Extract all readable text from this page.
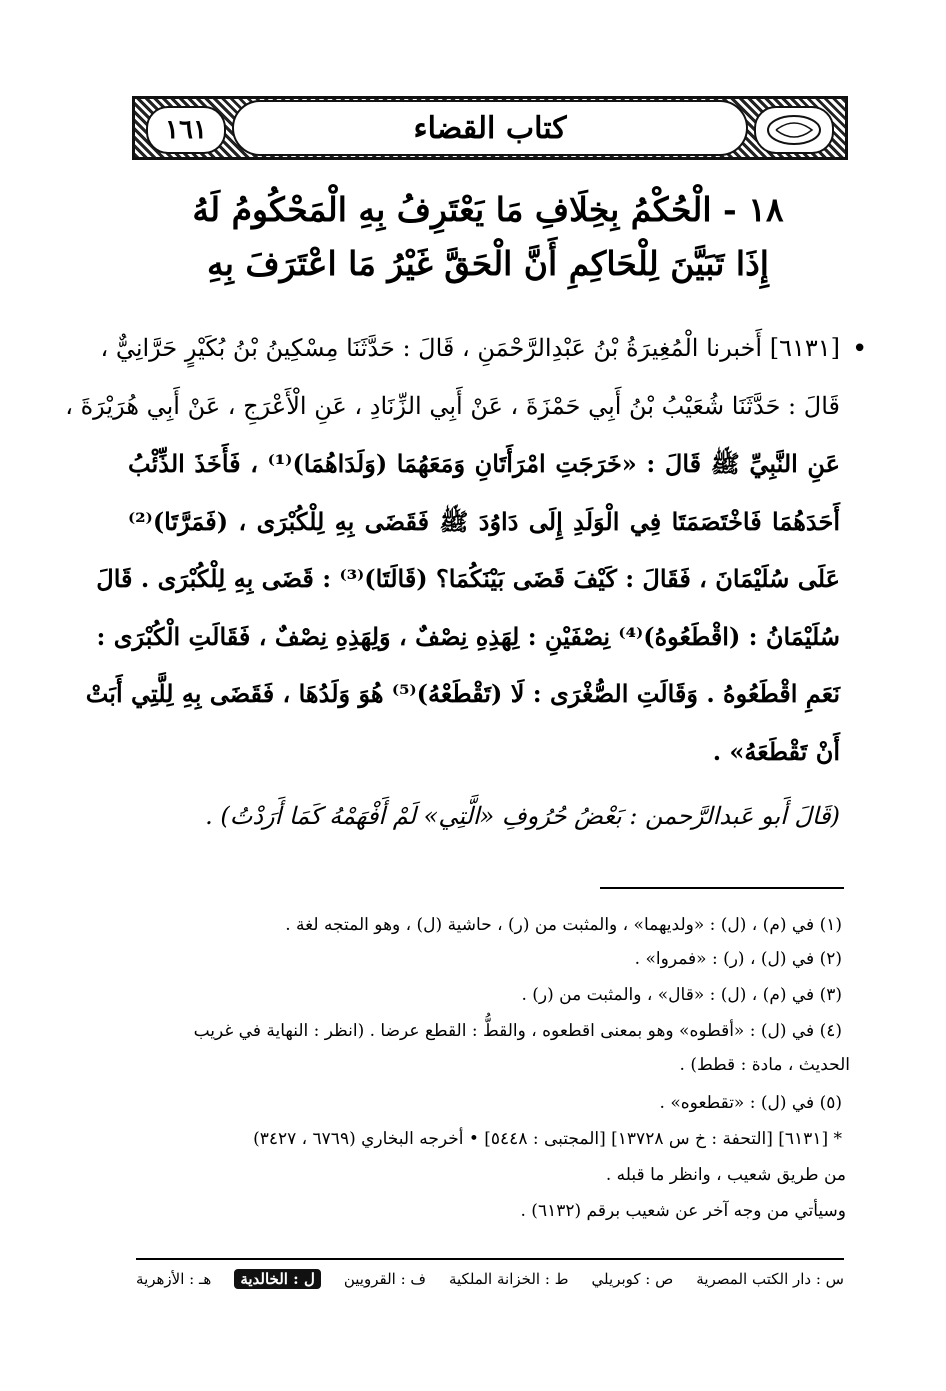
كتاب القضاء
١٦١
١٨ - الْحُكْمُ بِخِلَافِ مَا يَعْتَرِفُ بِهِ الْمَحْكُومُ لَهُ
إِذَا تَبَيَّنَ لِلْحَاكِمِ أَنَّ الْحَقَّ غَيْرُ مَا اعْتَرَفَ بِهِ
•
[٦١٣١] أَخبرنا الْمُغِيرَةُ بْنُ عَبْدِالرَّحْمَنِ ، قَالَ : حَدَّثَنَا مِسْكِينُ بْنُ بُكَيْرٍ حَرَّانِيٌّ ،
قَالَ : حَدَّثَنَا شُعَيْبُ بْنُ أَبِي حَمْزَةَ ، عَنْ أَبِي الزِّنَادِ ، عَنِ الْأَعْرَجِ ، عَنْ أَبِي هُرَيْرَةَ ،
عَنِ النَّبِيِّ ﷺ قَالَ : «خَرَجَتِ امْرَأَتَانِ وَمَعَهُمَا (وَلَدَاهُمَا)⁽¹⁾ ، فَأَخَذَ الذِّئْبُ
أَحَدَهُمَا فَاخْتَصَمَتَا فِي الْوَلَدِ إِلَى دَاوُدَ ﷺ فَقَضَى بِهِ لِلْكُبْرَى ، (فَمَرَّتَا)⁽²⁾
عَلَى سُلَيْمَانَ ، فَقَالَ : كَيْفَ قَضَى بَيْنَكُمَا؟ (قَالَتَا)⁽³⁾ : قَضَى بِهِ لِلْكُبْرَى . قَالَ
سُلَيْمَانُ : (اقْطَعُوهُ)⁽⁴⁾ نِصْفَيْنِ : لِهَذِهِ نِصْفٌ ، وَلِهَذِهِ نِصْفٌ ، فَقَالَتِ الْكُبْرَى :
نَعَمِ اقْطَعُوهُ . وَقَالَتِ الصُّغْرَى : لَا (تَقْطَعْهُ)⁽⁵⁾ هُوَ وَلَدُهَا ، فَقَضَى بِهِ لِلَّتِي أَبَتْ
أَنْ تَقْطَعَهُ» .
(قَالَ أَبو عَبدالرَّحمن : بَعْضُ حُرُوفِ «الَّتِي» لَمْ أَفْهَمْهُ كَمَا أَرَدْتُ) .
(١) في (م) ، (ل) : «ولديهما» ، والمثبت من (ر) ، حاشية (ل) ، وهو المتجه لغة .
(٢) في (ل) ، (ر) : «فمروا» .
(٣) في (م) ، (ل) : «قال» ، والمثبت من (ر) .
(٤) في (ل) : «أقطوه» وهو بمعنى اقطعوه ، والقطُّ : القطع عرضا . (انظر : النهاية في غريب
الحديث ، مادة : قطط) .
(٥) في (ل) : «تقطعوه» .
* [٦١٣١] [التحفة : خ س ١٣٧٢٨] [المجتبى : ٥٤٤٨] • أخرجه البخاري (٦٧٦٩ ، ٣٤٢٧)
من طريق شعيب ، وانظر ما قبله .
وسيأتي من وجه آخر عن شعيب برقم (٦١٣٢) .
س : دار الكتب المصرية
ص : كوبريلي
ط : الخزانة الملكية
ف : القرويين
ل : الخالدية
هـ : الأزهرية
